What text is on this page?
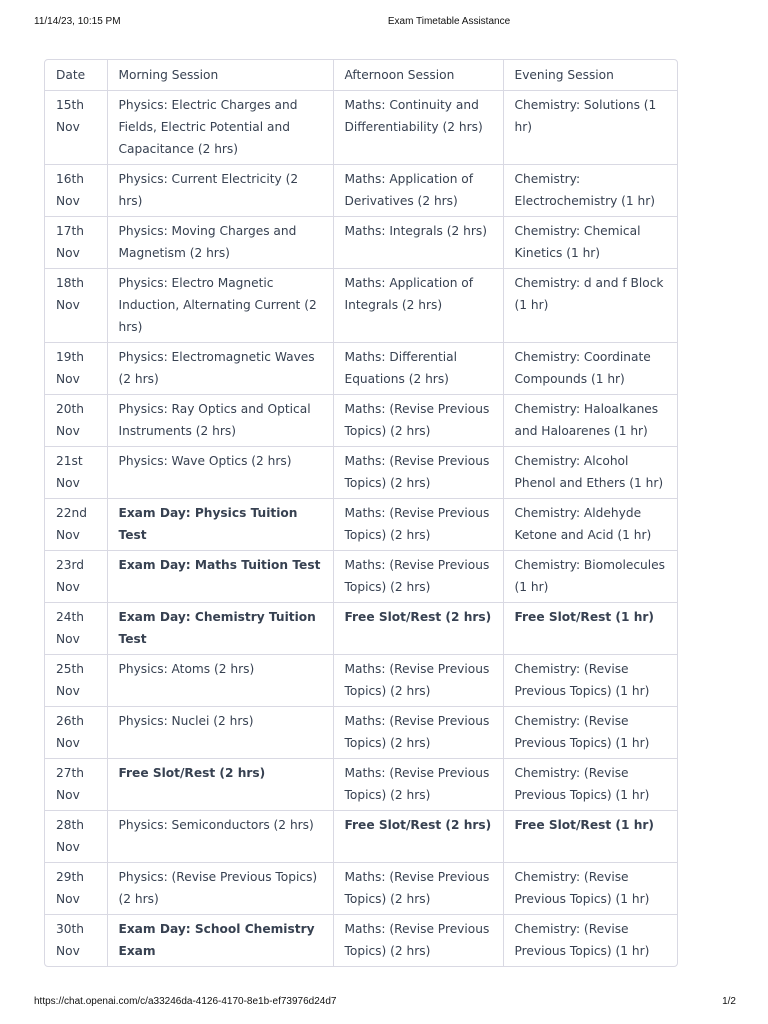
11/14/23, 10:15 PM	Exam Timetable Assistance
Date	Morning Session	Afternoon Session	Evening Session
15th Nov	Physics: Electric Charges and Fields, Electric Potential and Capacitance (2 hrs)	Maths: Continuity and Differentiability (2 hrs)	Chemistry: Solutions (1 hr)
16th Nov	Physics: Current Electricity (2 hrs)	Maths: Application of Derivatives (2 hrs)	Chemistry: Electrochemistry (1 hr)
17th Nov	Physics: Moving Charges and Magnetism (2 hrs)	Maths: Integrals (2 hrs)	Chemistry: Chemical Kinetics (1 hr)
18th Nov	Physics: Electro Magnetic Induction, Alternating Current (2 hrs)	Maths: Application of Integrals (2 hrs)	Chemistry: d and f Block (1 hr)
19th Nov	Physics: Electromagnetic Waves (2 hrs)	Maths: Differential Equations (2 hrs)	Chemistry: Coordinate Compounds (1 hr)
20th Nov	Physics: Ray Optics and Optical Instruments (2 hrs)	Maths: (Revise Previous Topics) (2 hrs)	Chemistry: Haloalkanes and Haloarenes (1 hr)
21st Nov	Physics: Wave Optics (2 hrs)	Maths: (Revise Previous Topics) (2 hrs)	Chemistry: Alcohol Phenol and Ethers (1 hr)
22nd Nov	Exam Day: Physics Tuition Test	Maths: (Revise Previous Topics) (2 hrs)	Chemistry: Aldehyde Ketone and Acid (1 hr)
23rd Nov	Exam Day: Maths Tuition Test	Maths: (Revise Previous Topics) (2 hrs)	Chemistry: Biomolecules (1 hr)
24th Nov	Exam Day: Chemistry Tuition Test	Free Slot/Rest (2 hrs)	Free Slot/Rest (1 hr)
25th Nov	Physics: Atoms (2 hrs)	Maths: (Revise Previous Topics) (2 hrs)	Chemistry: (Revise Previous Topics) (1 hr)
26th Nov	Physics: Nuclei (2 hrs)	Maths: (Revise Previous Topics) (2 hrs)	Chemistry: (Revise Previous Topics) (1 hr)
27th Nov	Free Slot/Rest (2 hrs)	Maths: (Revise Previous Topics) (2 hrs)	Chemistry: (Revise Previous Topics) (1 hr)
28th Nov	Physics: Semiconductors (2 hrs)	Free Slot/Rest (2 hrs)	Free Slot/Rest (1 hr)
29th Nov	Physics: (Revise Previous Topics) (2 hrs)	Maths: (Revise Previous Topics) (2 hrs)	Chemistry: (Revise Previous Topics) (1 hr)
30th Nov	Exam Day: School Chemistry Exam	Maths: (Revise Previous Topics) (2 hrs)	Chemistry: (Revise Previous Topics) (1 hr)
https://chat.openai.com/c/a33246da-4126-4170-8e1b-ef73976d24d7	1/2
